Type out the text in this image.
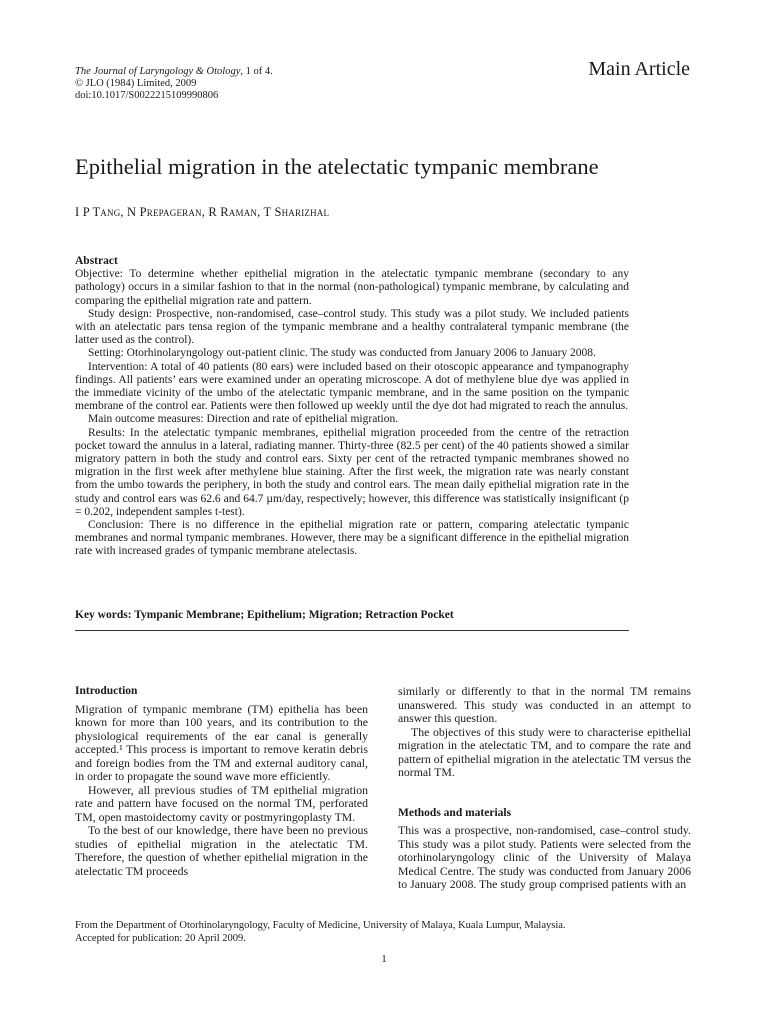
The Journal of Laryngology & Otology, 1 of 4.
© JLO (1984) Limited, 2009
doi:10.1017/S0022215109990806
Main Article
Epithelial migration in the atelectatic tympanic membrane
I P Tang, N Prepageran, R Raman, T Sharizhal
Abstract

Objective: To determine whether epithelial migration in the atelectatic tympanic membrane (secondary to any pathology) occurs in a similar fashion to that in the normal (non-pathological) tympanic membrane, by calculating and comparing the epithelial migration rate and pattern.

Study design: Prospective, non-randomised, case–control study. This study was a pilot study. We included patients with an atelectatic pars tensa region of the tympanic membrane and a healthy contralateral tympanic membrane (the latter used as the control).

Setting: Otorhinolaryngology out-patient clinic. The study was conducted from January 2006 to January 2008.

Intervention: A total of 40 patients (80 ears) were included based on their otoscopic appearance and tympanography findings. All patients’ ears were examined under an operating microscope. A dot of methylene blue dye was applied in the immediate vicinity of the umbo of the atelectatic tympanic membrane, and in the same position on the tympanic membrane of the control ear. Patients were then followed up weekly until the dye dot had migrated to reach the annulus.

Main outcome measures: Direction and rate of epithelial migration.

Results: In the atelectatic tympanic membranes, epithelial migration proceeded from the centre of the retraction pocket toward the annulus in a lateral, radiating manner. Thirty-three (82.5 per cent) of the 40 patients showed a similar migratory pattern in both the study and control ears. Sixty per cent of the retracted tympanic membranes showed no migration in the first week after methylene blue staining. After the first week, the migration rate was nearly constant from the umbo towards the periphery, in both the study and control ears. The mean daily epithelial migration rate in the study and control ears was 62.6 and 64.7 µm/day, respectively; however, this difference was statistically insignificant (p = 0.202, independent samples t-test).

Conclusion: There is no difference in the epithelial migration rate or pattern, comparing atelectatic tympanic membranes and normal tympanic membranes. However, there may be a significant difference in the epithelial migration rate with increased grades of tympanic membrane atelectasis.

Key words: Tympanic Membrane; Epithelium; Migration; Retraction Pocket
Introduction

Migration of tympanic membrane (TM) epithelia has been known for more than 100 years, and its contribution to the physiological requirements of the ear canal is generally accepted.¹ This process is important to remove keratin debris and foreign bodies from the TM and external auditory canal, in order to propagate the sound wave more efficiently.

However, all previous studies of TM epithelial migration rate and pattern have focused on the normal TM, perforated TM, open mastoidectomy cavity or postmyringoplasty TM.

To the best of our knowledge, there have been no previous studies of epithelial migration in the atelectatic TM. Therefore, the question of whether epithelial migration in the atelectatic TM proceeds

similarly or differently to that in the normal TM remains unanswered. This study was conducted in an attempt to answer this question.

The objectives of this study were to characterise epithelial migration in the atelectatic TM, and to compare the rate and pattern of epithelial migration in the atelectatic TM versus the normal TM.

Methods and materials

This was a prospective, non-randomised, case–control study. This study was a pilot study. Patients were selected from the otorhinolaryngology clinic of the University of Malaya Medical Centre. The study was conducted from January 2006 to January 2008. The study group comprised patients with an

From the Department of Otorhinolaryngology, Faculty of Medicine, University of Malaya, Kuala Lumpur, Malaysia.
Accepted for publication: 20 April 2009.
1
